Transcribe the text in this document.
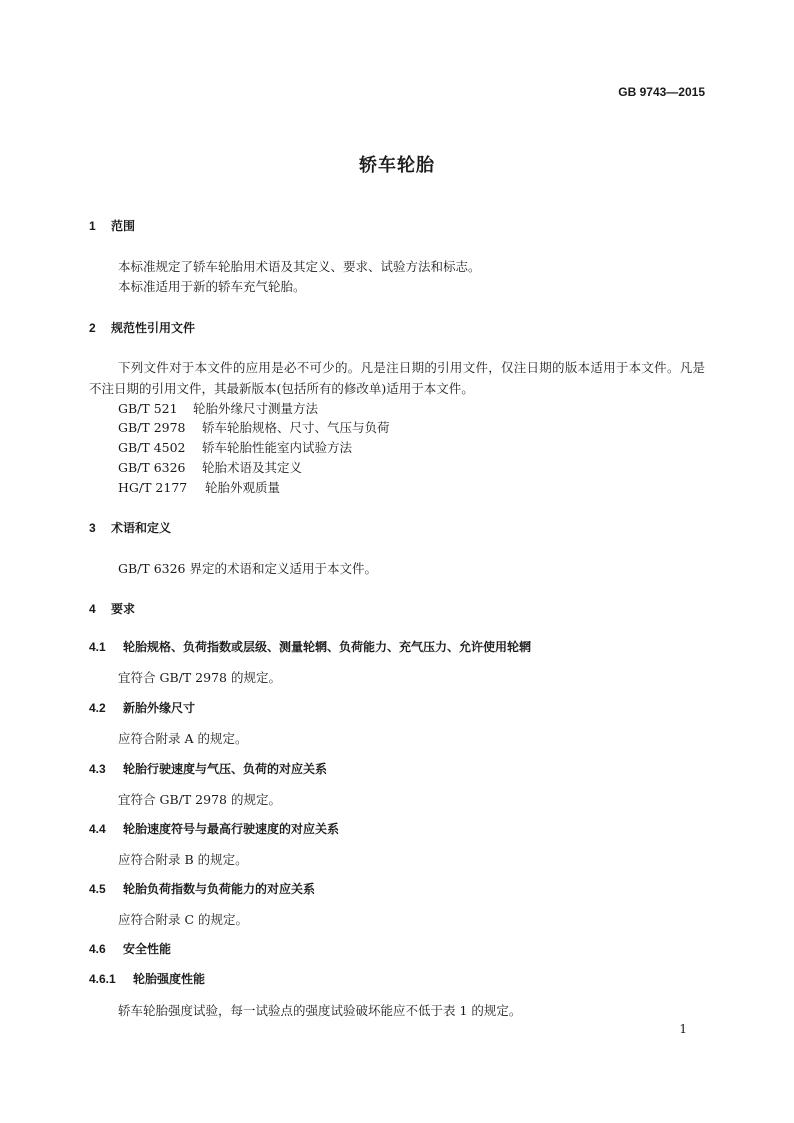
GB 9743—2015
轿车轮胎
1 范围
本标准规定了轿车轮胎用术语及其定义、要求、试验方法和标志。
本标准适用于新的轿车充气轮胎。
2 规范性引用文件
下列文件对于本文件的应用是必不可少的。凡是注日期的引用文件，仅注日期的版本适用于本文件。凡是不注日期的引用文件，其最新版本(包括所有的修改单)适用于本文件。
GB/T 521 轮胎外缘尺寸测量方法
GB/T 2978 轿车轮胎规格、尺寸、气压与负荷
GB/T 4502 轿车轮胎性能室内试验方法
GB/T 6326 轮胎术语及其定义
HG/T 2177 轮胎外观质量
3 术语和定义
GB/T 6326 界定的术语和定义适用于本文件。
4 要求
4.1 轮胎规格、负荷指数或层级、测量轮辋、负荷能力、充气压力、允许使用轮辋
宜符合 GB/T 2978 的规定。
4.2 新胎外缘尺寸
应符合附录 A 的规定。
4.3 轮胎行驶速度与气压、负荷的对应关系
宜符合 GB/T 2978 的规定。
4.4 轮胎速度符号与最高行驶速度的对应关系
应符合附录 B 的规定。
4.5 轮胎负荷指数与负荷能力的对应关系
应符合附录 C 的规定。
4.6 安全性能
4.6.1 轮胎强度性能
轿车轮胎强度试验，每一试验点的强度试验破坏能应不低于表 1 的规定。
1
